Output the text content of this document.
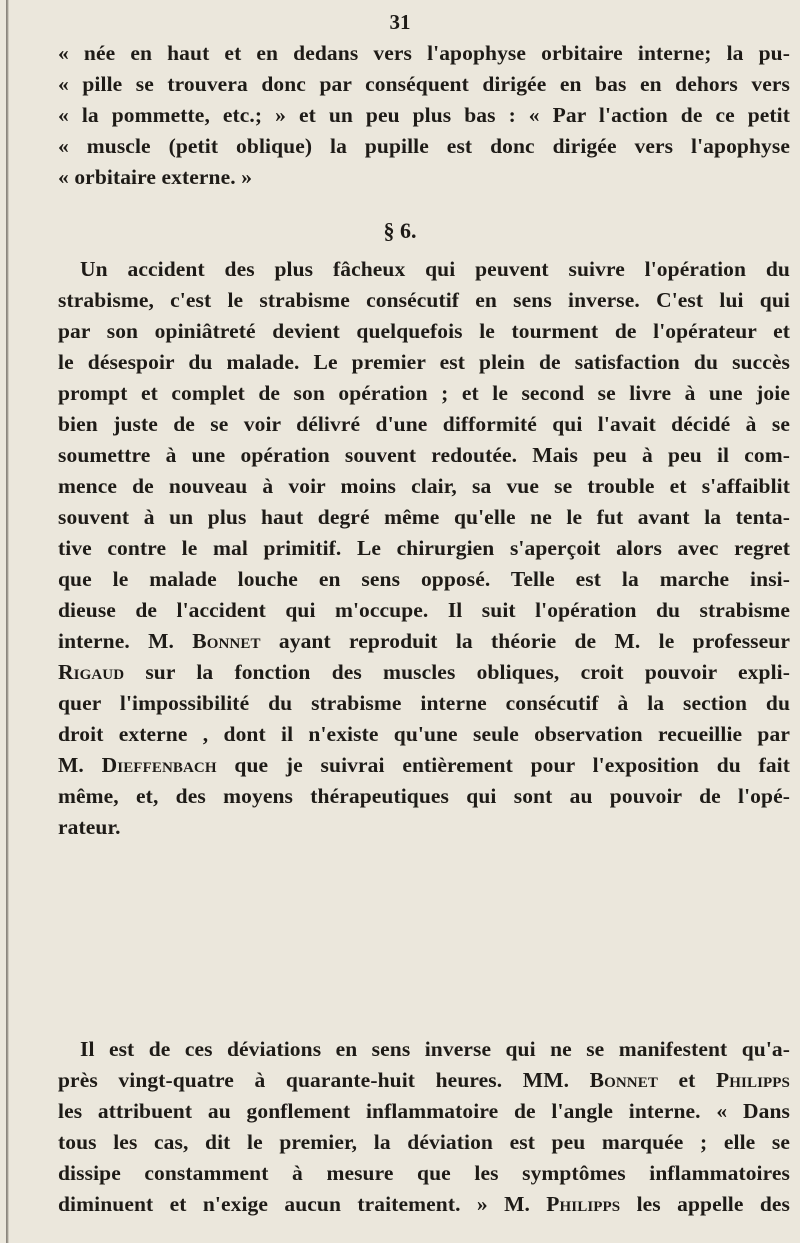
31
« née en haut et en dedans vers l'apophyse orbitaire interne; la pu-
« pille se trouvera donc par conséquent dirigée en bas en dehors vers
« la pommette, etc.; » et un peu plus bas : « Par l'action de ce petit
« muscle (petit oblique) la pupille est donc dirigée vers l'apophyse
« orbitaire externe. »
§ 6.
Un accident des plus fâcheux qui peuvent suivre l'opération du
strabisme, c'est le strabisme consécutif en sens inverse. C'est lui qui
par son opiniâtreté devient quelquefois le tourment de l'opérateur et
le désespoir du malade. Le premier est plein de satisfaction du succès
prompt et complet de son opération ; et le second se livre à une joie
bien juste de se voir délivré d'une difformité qui l'avait décidé à se
soumettre à une opération souvent redoutée. Mais peu à peu il com-
mence de nouveau à voir moins clair, sa vue se trouble et s'affaiblit
souvent à un plus haut degré même qu'elle ne le fut avant la tenta-
tive contre le mal primitif. Le chirurgien s'aperçoit alors avec regret
que le malade louche en sens opposé. Telle est la marche insi-
dieuse de l'accident qui m'occupe. Il suit l'opération du strabisme
interne. M. Bonnet ayant reproduit la théorie de M. le professeur
Rigaud sur la fonction des muscles obliques, croit pouvoir expli-
quer l'impossibilité du strabisme interne consécutif à la section du
droit externe , dont il n'existe qu'une seule observation recueillie par
M. Dieffenbach que je suivrai entièrement pour l'exposition du fait
même, et, des moyens thérapeutiques qui sont au pouvoir de l'opé-
rateur.
Il est de ces déviations en sens inverse qui ne se manifestent qu'a-
près vingt-quatre à quarante-huit heures. MM. Bonnet et Philipps
les attribuent au gonflement inflammatoire de l'angle interne. « Dans
tous les cas, dit le premier, la déviation est peu marquée ; elle se
dissipe constamment à mesure que les symptômes inflammatoires
diminuent et n'exige aucun traitement. » M. Philipps les appelle des
